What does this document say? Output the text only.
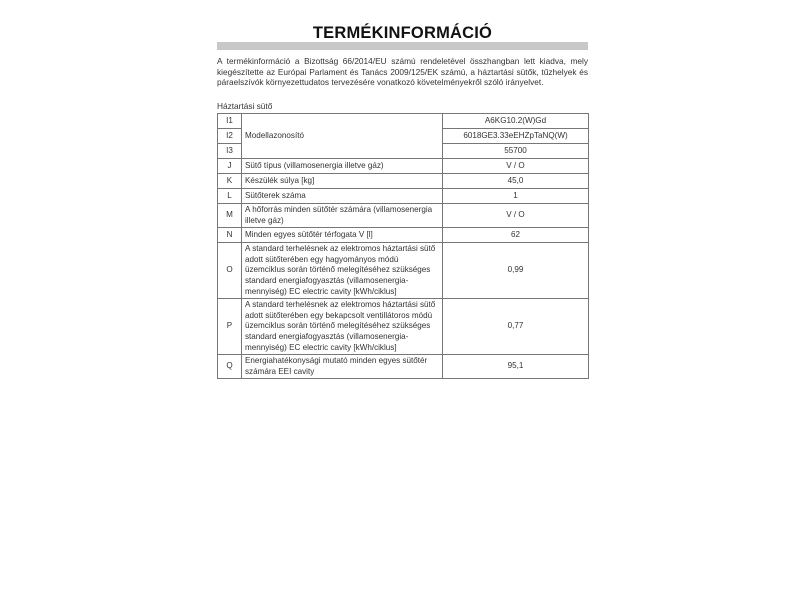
TERMÉKINFORMÁCIÓ
A termékinformáció a Bizottság 66/2014/EU számú rendeletével összhangban lett kiadva, mely kiegészítette az Európai Parlament és Tanács 2009/125/EK számú, a háztartási sütők, tűzhelyek és páraelszívók környezettudatos tervezésére vonatkozó követelményekről szóló irányelvet.
Háztartási sütő
I1	Modellazonosító	A6KG10.2(W)Gd
I2		6018GE3.33eEHZpTaNQ(W)
I3		55700
J	Sütő típus (villamosenergia illetve gáz)	V / O
K	Készülék súlya [kg]	45,0
L	Sütőterek száma	1
M	A hőforrás minden sütőtér számára (villamosenergia illetve gáz)	V / O
N	Minden egyes sütőtér térfogata V [l]	62
O	A standard terhelésnek az elektromos háztartási sütő adott sütőterében egy hagyományos módú üzemciklus során történő melegítéséhez szükséges standard energiafogyasztás (villamosenergia-mennyiség) EC electric cavity [kWh/ciklus]	0,99
P	A standard terhelésnek az elektromos háztartási sütő adott sütőterében egy bekapcsolt ventillátoros módú üzemciklus során történő melegítéséhez szükséges standard energiafogyasztás (villamosenergia-mennyiség) EC electric cavity [kWh/ciklus]	0,77
Q	Energiahatékonysági mutató minden egyes sütőtér számára EEI cavity	95,1
